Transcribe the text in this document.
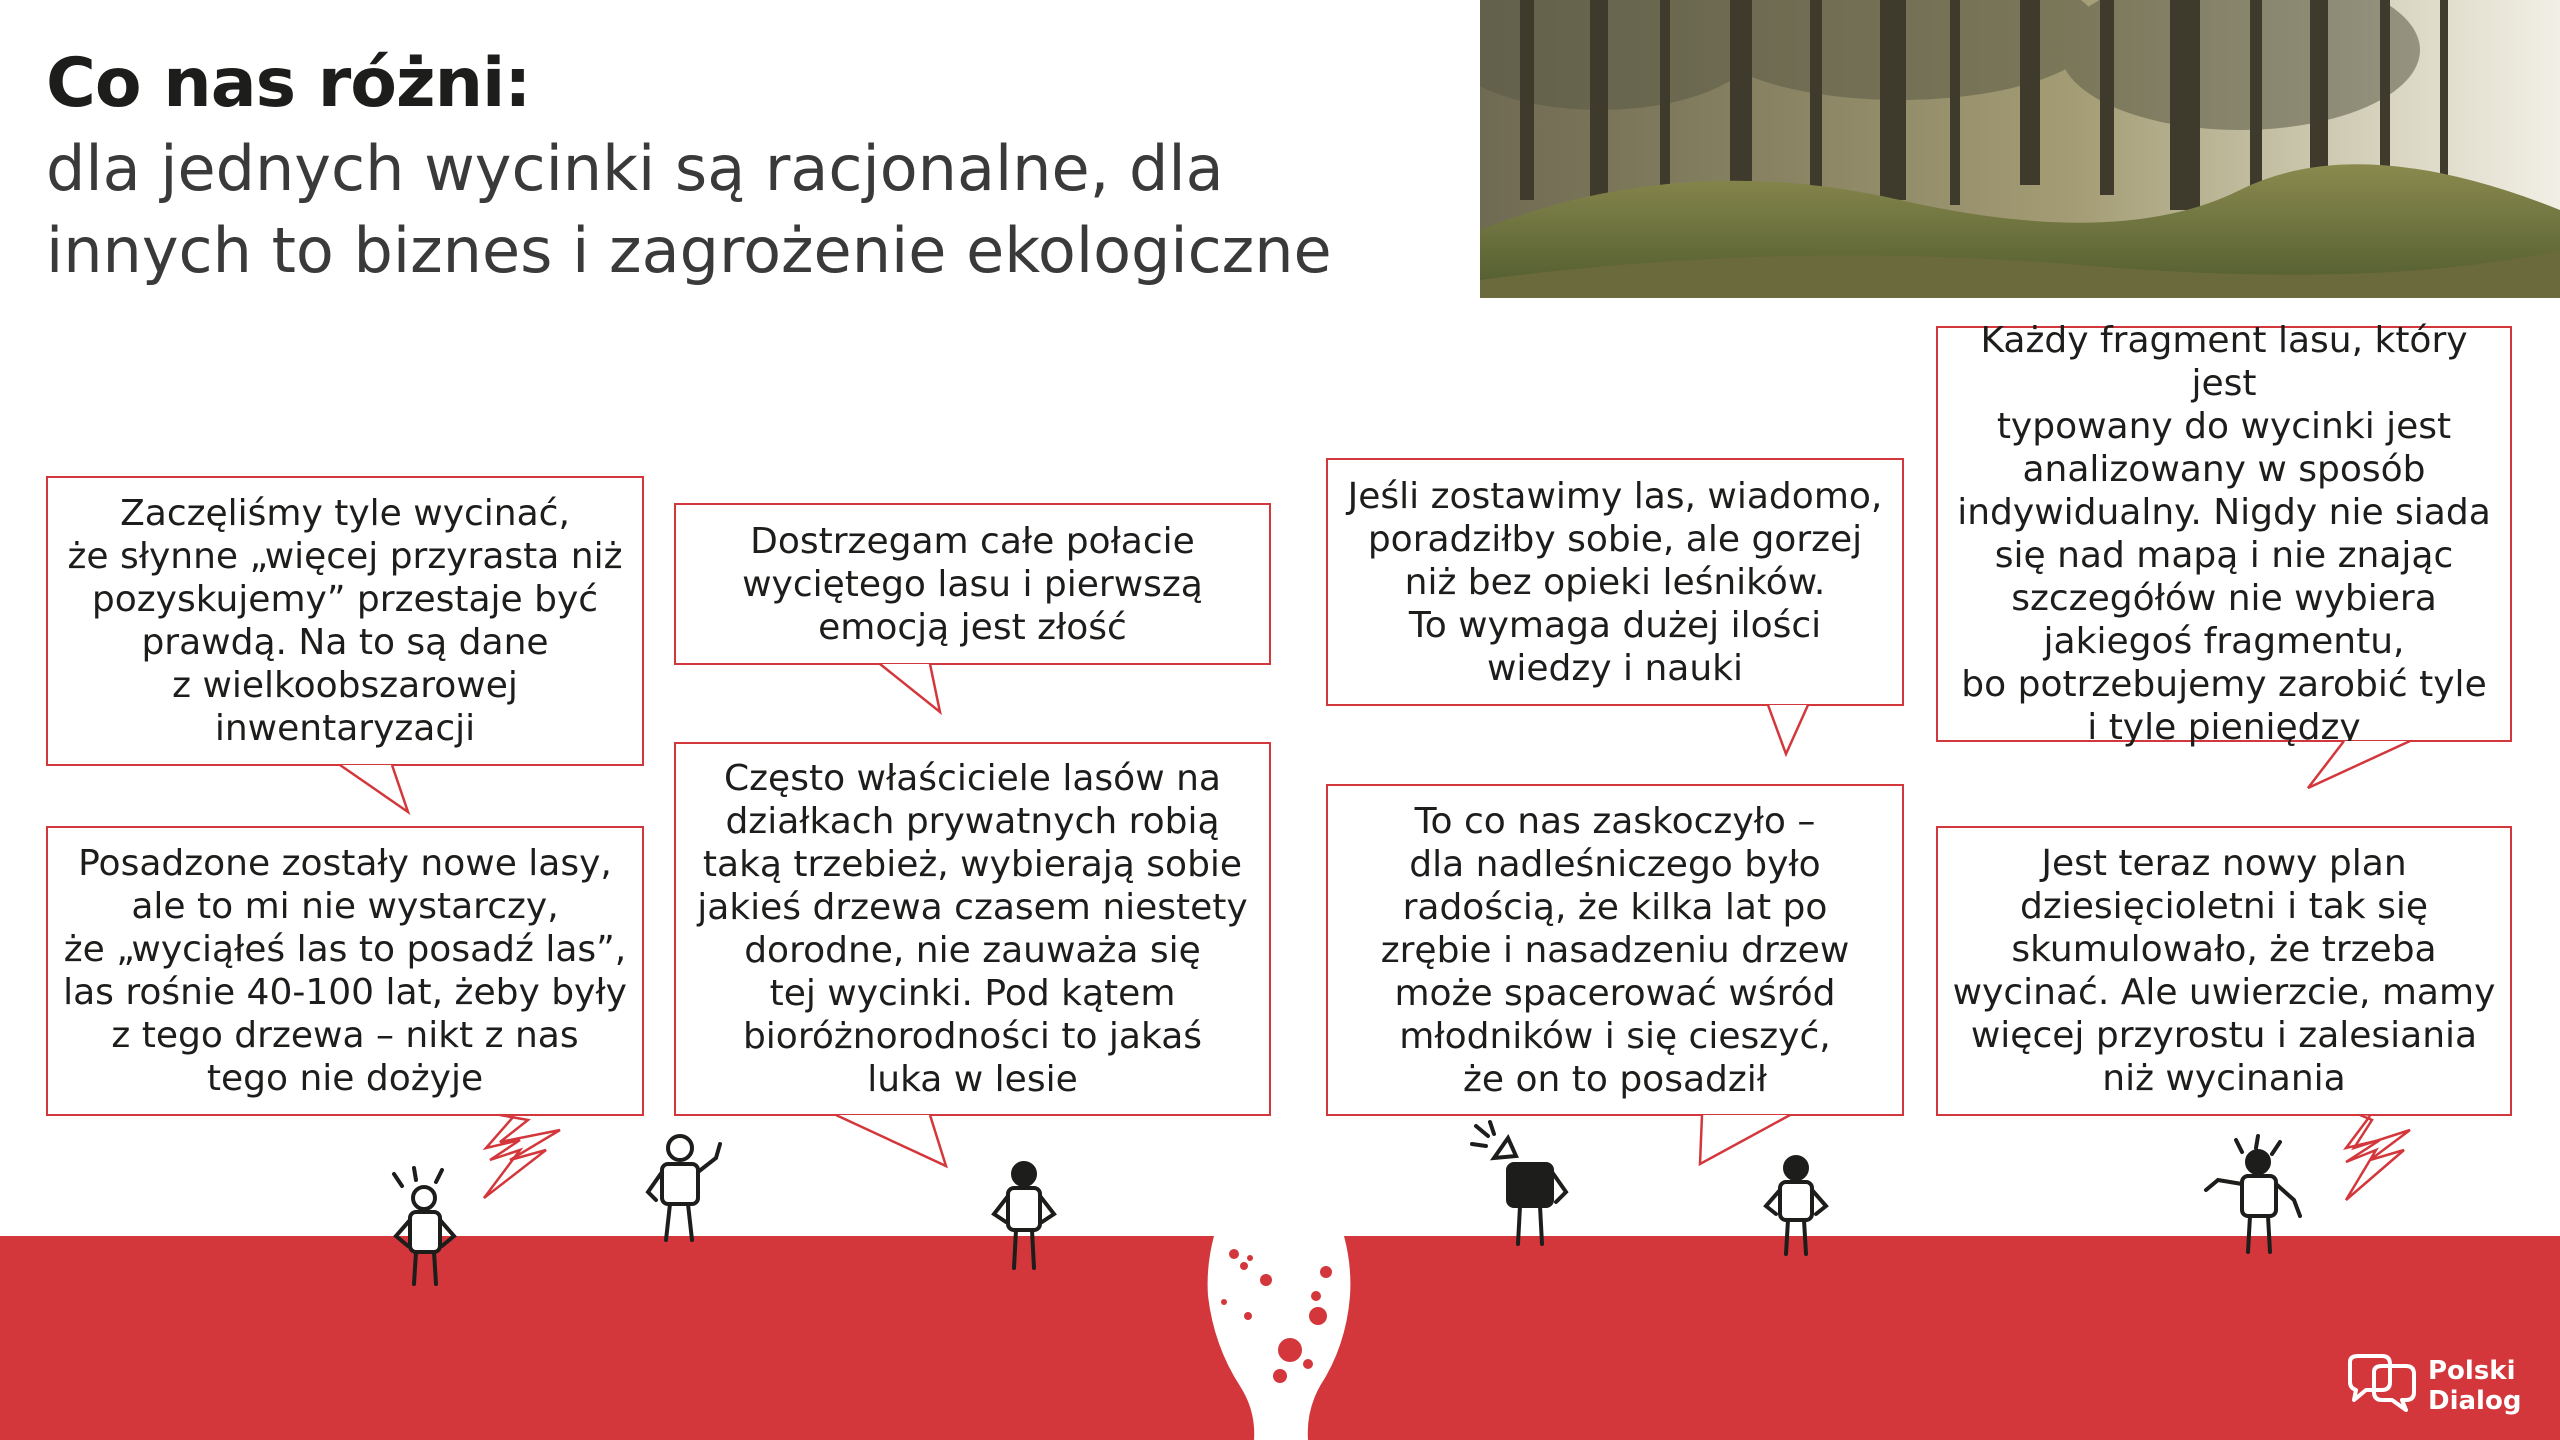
Co nas różni:
dla jednych wycinki są racjonalne, dla
innych to biznes i zagrożenie ekologiczne
Zaczęliśmy tyle wycinać,
że słynne „więcej przyrasta niż
pozyskujemy” przestaje być
prawdą. Na to są dane
z wielkoobszarowej
inwentaryzacji
Dostrzegam całe połacie
wyciętego lasu i pierwszą
emocją jest złość
Jeśli zostawimy las, wiadomo,
poradziłby sobie, ale gorzej
niż bez opieki leśników.
To wymaga dużej ilości
wiedzy i nauki
Każdy fragment lasu, który jest
typowany do wycinki jest
analizowany w sposób
indywidualny. Nigdy nie siada
się nad mapą i nie znając
szczegółów nie wybiera
jakiegoś fragmentu,
bo potrzebujemy zarobić tyle
i tyle pieniędzy
Posadzone zostały nowe lasy,
ale to mi nie wystarczy,
że „wyciąłeś las to posadź las”,
las rośnie 40-100 lat, żeby były
z tego drzewa – nikt z nas
tego nie dożyje
Często właściciele lasów na
działkach prywatnych robią
taką trzebież, wybierają sobie
jakieś drzewa czasem niestety
dorodne, nie zauważa się
tej wycinki. Pod kątem
bioróżnorodności to jakaś
luka w lesie
To co nas zaskoczyło –
dla nadleśniczego było
radością, że kilka lat po
zrębie i nasadzeniu drzew
może spacerować wśród
młodników i się cieszyć,
że on to posadził
Jest teraz nowy plan
dziesięcioletni i tak się
skumulowało, że trzeba
wycinać. Ale uwierzcie, mamy
więcej przyrostu i zalesiania
niż wycinania
Polski
Dialog
